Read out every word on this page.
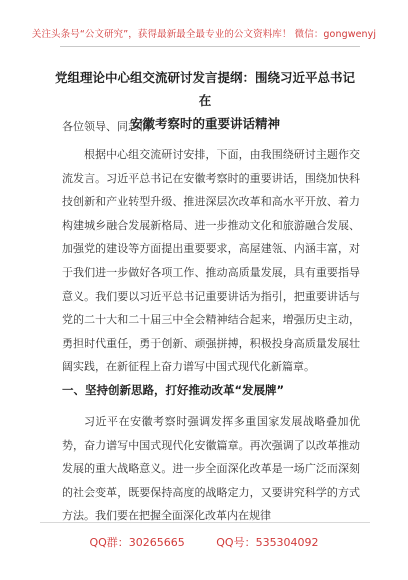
关注头条号“公文研究”，获得最新最全最专业的公文资料库！ 微信：gongwenyj
党组理论中心组交流研讨发言提纲：围绕习近平总书记在
安徽考察时的重要讲话精神
各位领导、同志们：

根据中心组交流研讨安排，下面，由我围绕研讨主题作交流发言。习近平总书记在安徽考察时的重要讲话，围绕加快科技创新和产业转型升级、推进深层次改革和高水平开放、着力构建城乡融合发展新格局、进一步推动文化和旅游融合发展、加强党的建设等方面提出重要要求，高屋建瓴、内涵丰富，对于我们进一步做好各项工作、推动高质量发展，具有重要指导意义。我们要以习近平总书记重要讲话为指引，把重要讲话与党的二十大和二十届三中全会精神结合起来，增强历史主动，勇担时代重任，勇于创新、顽强拼搏，积极投身高质量发展壮阔实践，在新征程上奋力谱写中国式现代化新篇章。

一、坚持创新思路，打好推动改革“发展牌”

习近平在安徽考察时强调发挥多重国家发展战略叠加优势，奋力谱写中国式现代化安徽篇章。再次强调了以改革推动发展的重大战略意义。进一步全面深化改革是一场广泛而深刻的社会变革，既要保持高度的战略定力，又要讲究科学的方式方法。我们要在把握全面深化改革内在规律

QQ群：30265665	QQ号：535304092
